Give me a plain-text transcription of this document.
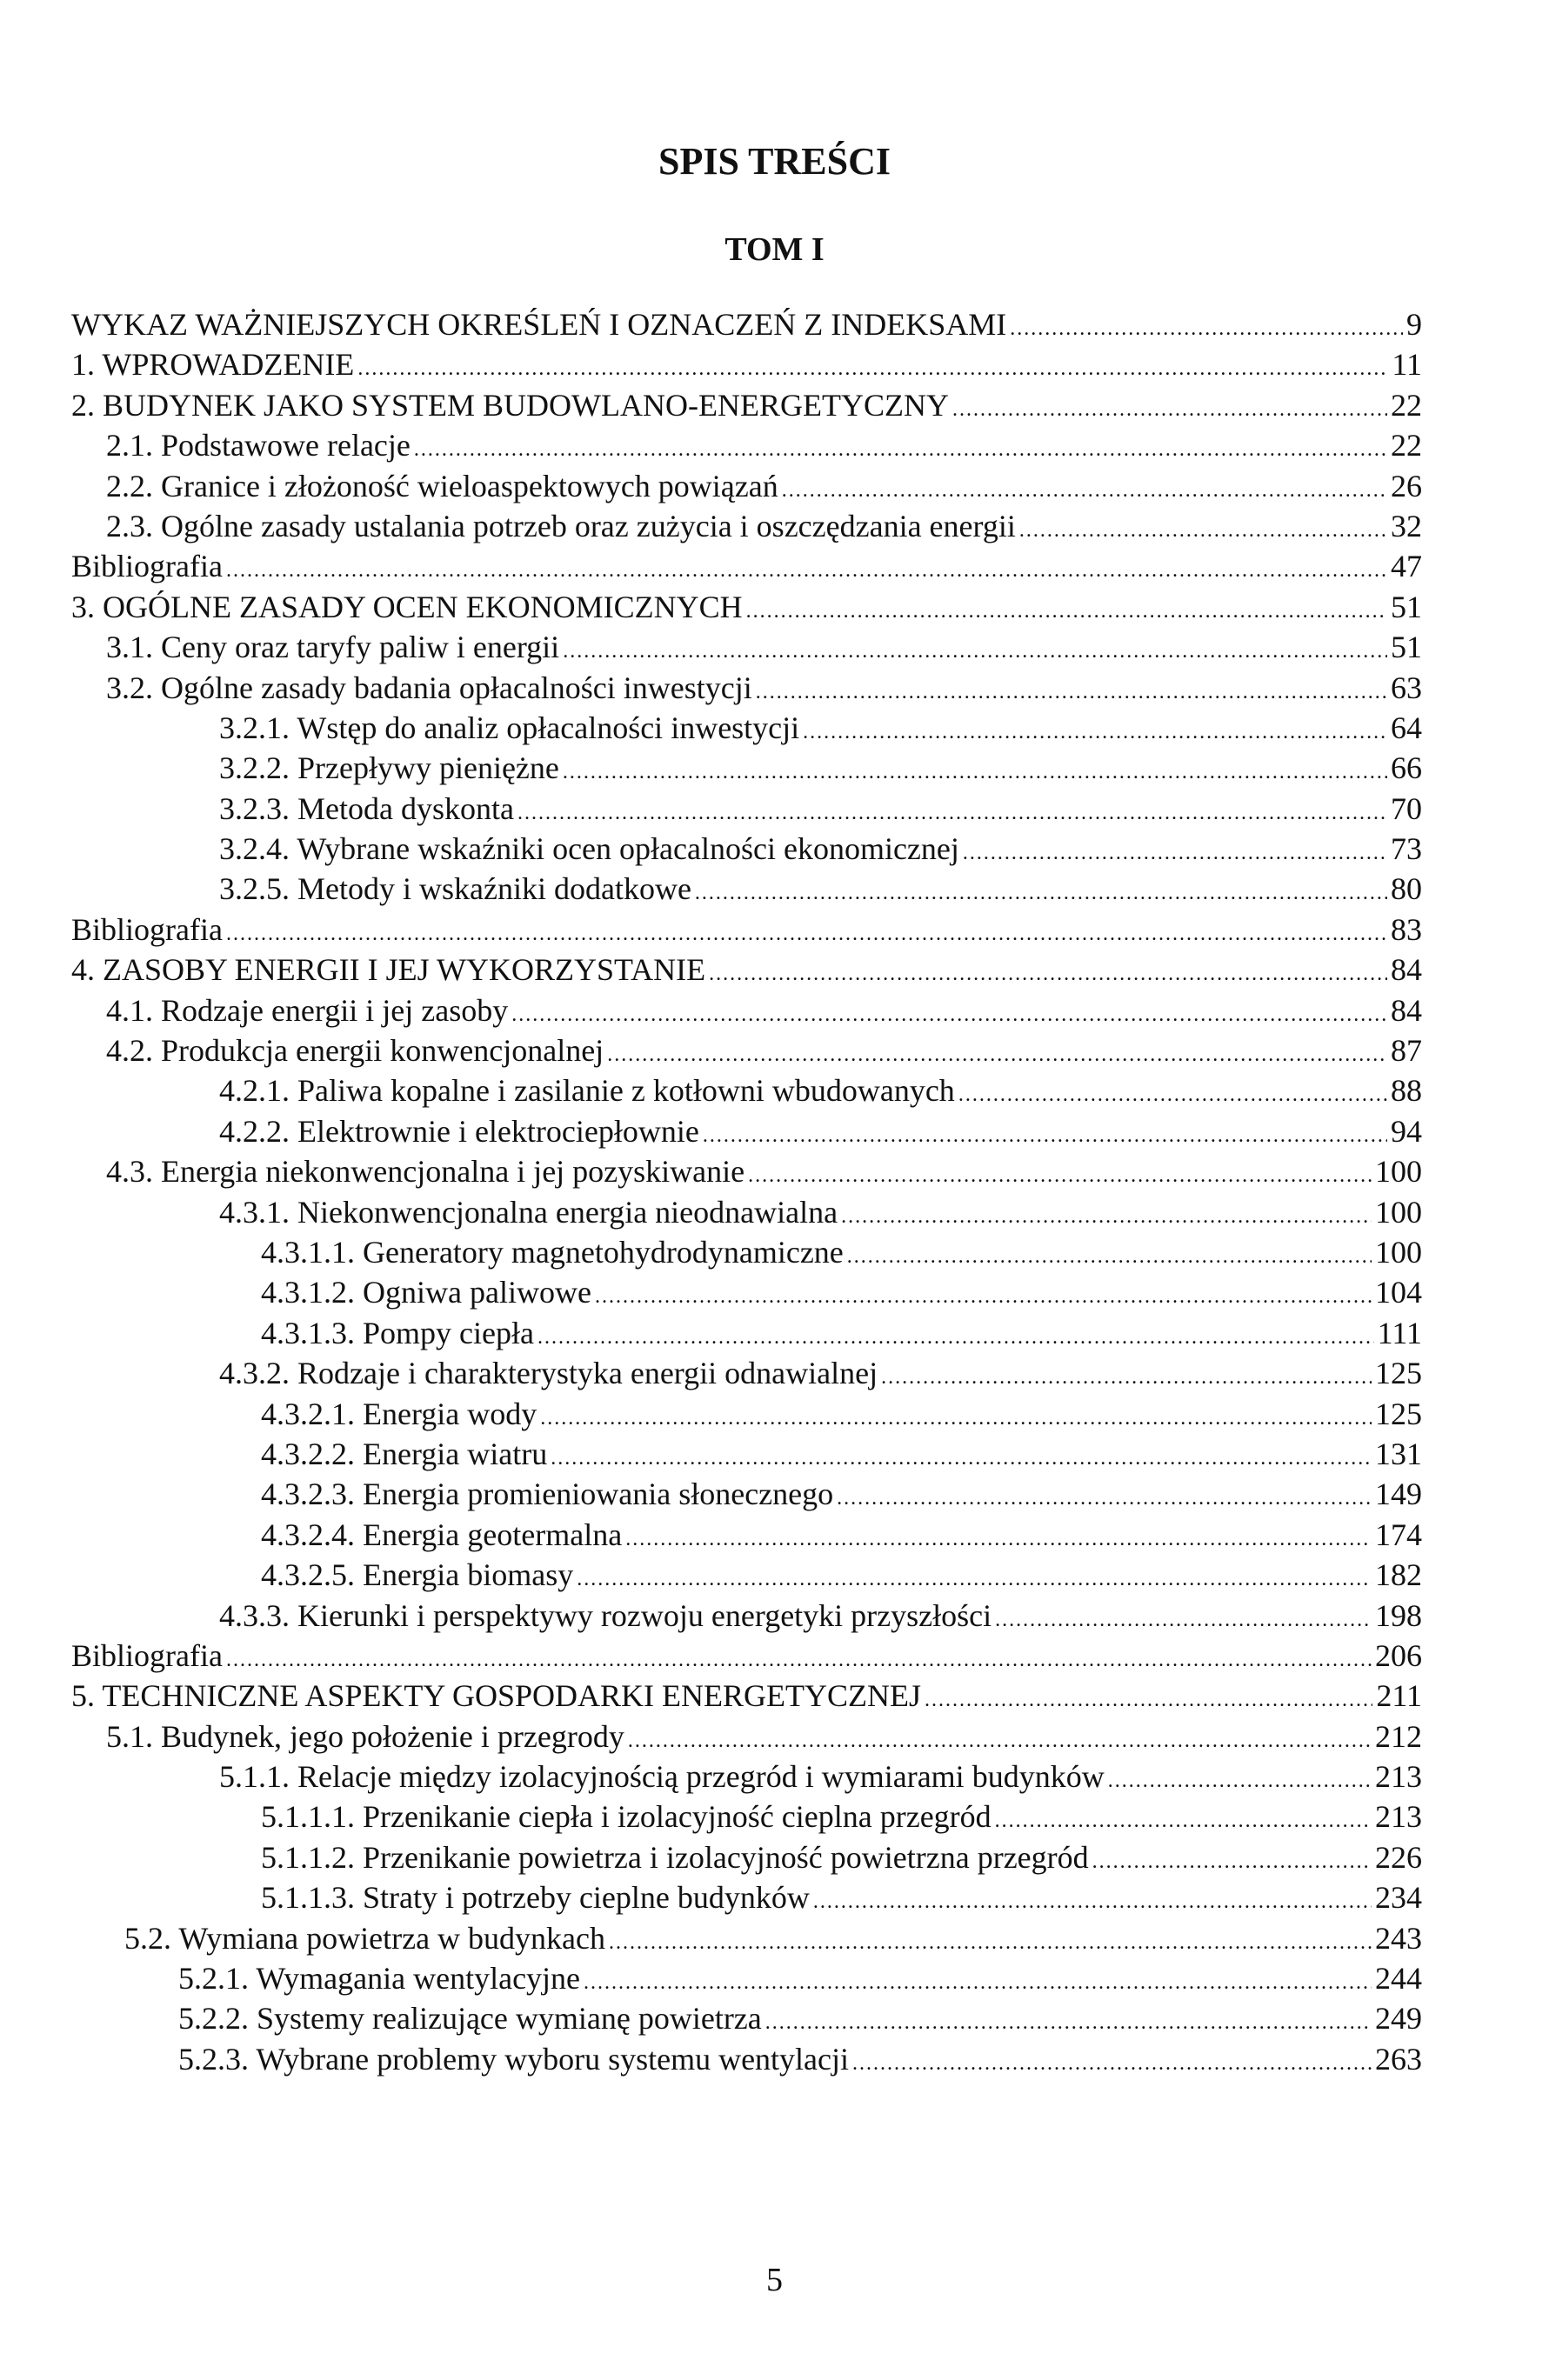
SPIS TREŚCI
TOM I
WYKAZ WAŻNIEJSZYCH OKREŚLEŃ I OZNACZEŃ Z INDEKSAMI .....	9
1. WPROWADZENIE .....	11
2. BUDYNEK JAKO SYSTEM BUDOWLANO-ENERGETYCZNY .....	22
2.1. Podstawowe relacje .....	22
2.2. Granice i złożoność wieloaspektowych powiązań .....	26
2.3. Ogólne zasady ustalania potrzeb oraz zużycia i oszczędzania energii .....	32
Bibliografia .....	47
3. OGÓLNE ZASADY OCEN EKONOMICZNYCH .....	51
3.1. Ceny oraz taryfy paliw i energii .....	51
3.2. Ogólne zasady badania opłacalności inwestycji .....	63
3.2.1. Wstęp do analiz opłacalności inwestycji .....	64
3.2.2. Przepływy pieniężne .....	66
3.2.3. Metoda dyskonta .....	70
3.2.4. Wybrane wskaźniki ocen opłacalności ekonomicznej .....	73
3.2.5. Metody i wskaźniki dodatkowe .....	80
Bibliografia .....	83
4. ZASOBY ENERGII I JEJ WYKORZYSTANIE .....	84
4.1. Rodzaje energii i jej zasoby .....	84
4.2. Produkcja energii konwencjonalnej .....	87
4.2.1. Paliwa kopalne i zasilanie z kotłowni wbudowanych .....	88
4.2.2. Elektrownie i elektrociepłownie .....	94
4.3. Energia niekonwencjonalna i jej pozyskiwanie .....	100
4.3.1. Niekonwencjonalna energia nieodnawialna .....	100
4.3.1.1. Generatory magnetohydrodynamiczne .....	100
4.3.1.2. Ogniwa paliwowe .....	104
4.3.1.3. Pompy ciepła .....	111
4.3.2. Rodzaje i charakterystyka energii odnawialnej .....	125
4.3.2.1. Energia wody .....	125
4.3.2.2. Energia wiatru .....	131
4.3.2.3. Energia promieniowania słonecznego .....	149
4.3.2.4. Energia geotermalna .....	174
4.3.2.5. Energia biomasy .....	182
4.3.3. Kierunki i perspektywy rozwoju energetyki przyszłości .....	198
Bibliografia .....	206
5. TECHNICZNE ASPEKTY GOSPODARKI ENERGETYCZNEJ .....	211
5.1. Budynek, jego położenie i przegrody .....	212
5.1.1. Relacje między izolacyjnością przegród i wymiarami budynków .....	213
5.1.1.1. Przenikanie ciepła i izolacyjność cieplna przegród .....	213
5.1.1.2. Przenikanie powietrza i izolacyjność powietrzna przegród .....	226
5.1.1.3. Straty i potrzeby cieplne budynków .....	234
5.2. Wymiana powietrza w budynkach .....	243
5.2.1. Wymagania wentylacyjne .....	244
5.2.2. Systemy realizujące wymianę powietrza .....	249
5.2.3. Wybrane problemy wyboru systemu wentylacji .....	263
5
